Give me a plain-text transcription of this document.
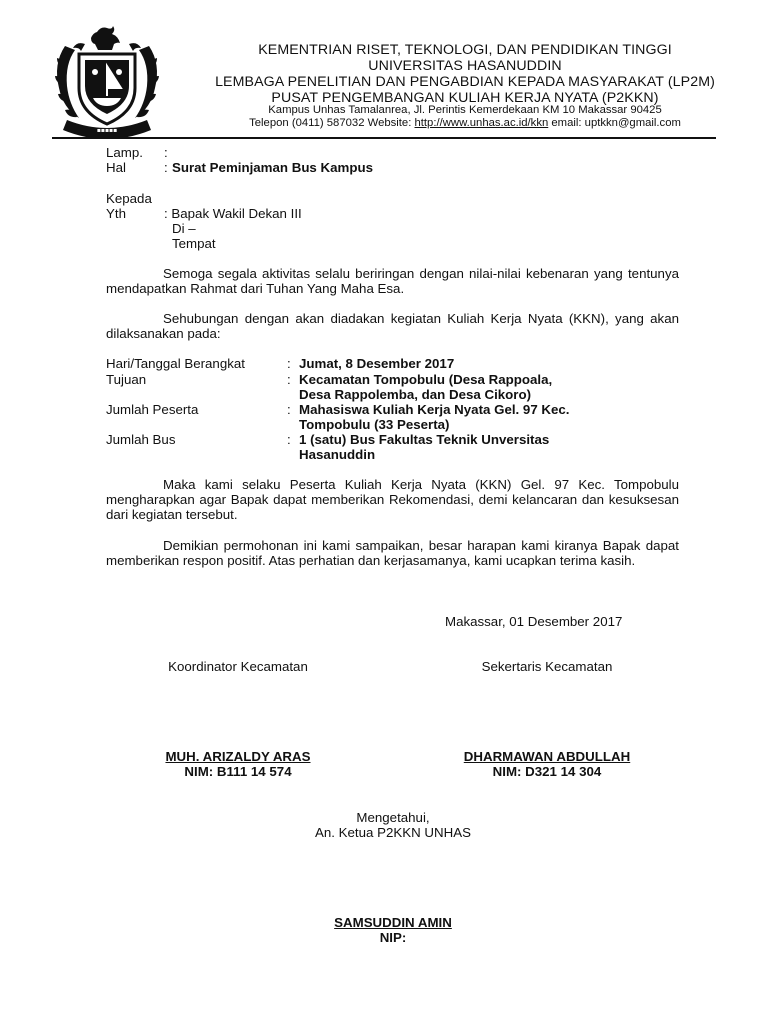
▪▪▪▪▪
KEMENTRIAN RISET, TEKNOLOGI, DAN PENDIDIKAN TINGGI
UNIVERSITAS HASANUDDIN
LEMBAGA PENELITIAN DAN PENGABDIAN KEPADA MASYARAKAT (LP2M)
PUSAT PENGEMBANGAN KULIAH KERJA NYATA (P2KKN)
Kampus Unhas Tamalanrea, Jl. Perintis Kemerdekaan KM 10 Makassar 90425
Telepon (0411) 587032 Website: http://www.unhas.ac.id/kkn email: uptkkn@gmail.com
Lamp. :
Hal	: Surat Peminjaman Bus Kampus
Kepada
Yth	: Bapak Wakil Dekan III
Di –
Tempat
Semoga segala aktivitas selalu beriringan dengan nilai-nilai kebenaran yang tentunya mendapatkan Rahmat dari Tuhan Yang Maha Esa.
Sehubungan dengan akan diadakan kegiatan Kuliah Kerja Nyata (KKN), yang akan dilaksanakan pada:
Hari/Tanggal Berangkat	: Jumat, 8 Desember 2017
Tujuan	: Kecamatan Tompobulu (Desa Rappoala,
Desa Rappolemba, dan Desa Cikoro)
Jumlah Peserta	: Mahasiswa Kuliah Kerja Nyata Gel. 97 Kec.
Tompobulu (33 Peserta)
Jumlah Bus	: 1 (satu) Bus Fakultas Teknik Unversitas
Hasanuddin
Maka kami selaku Peserta Kuliah Kerja Nyata (KKN) Gel. 97 Kec. Tompobulu mengharapkan agar Bapak dapat memberikan Rekomendasi, demi kelancaran dan kesuksesan dari kegiatan tersebut.
Demikian permohonan ini kami sampaikan, besar harapan kami kiranya Bapak dapat memberikan respon positif. Atas perhatian dan kerjasamanya, kami ucapkan terima kasih.
Makassar, 01 Desember 2017
Koordinator Kecamatan	Sekertaris Kecamatan
MUH. ARIZALDY ARAS
NIM: B111 14 574
DHARMAWAN ABDULLAH
NIM: D321 14 304
Mengetahui,
An. Ketua P2KKN UNHAS
SAMSUDDIN AMIN
NIP:
